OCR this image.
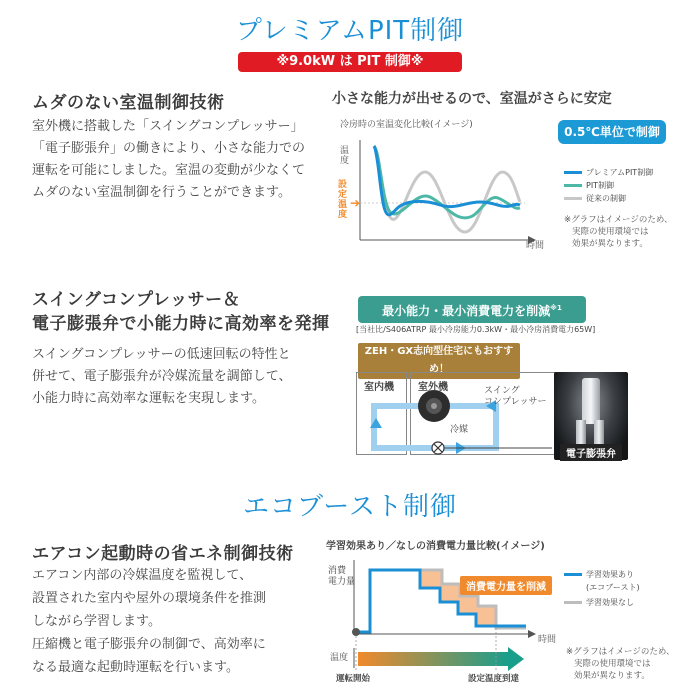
プレミアムPIT制御
※9.0kW は PIT 制御※
ムダのない室温制御技術
室外機に搭載した「スイングコンプレッサー」
「電子膨張弁」の働きにより、小さな能力での
運転を可能にしました。室温の変動が少なくて
ムダのない室温制御を行うことができます。
小さな能力が出せるので、室温がさらに安定
冷房時の室温変化比較(イメージ)	0.5℃単位で制御
温度
設定温度
➔
時間
プレミアムPIT制御
PIT制御
従来の制御
※グラフはイメージのため、
実際の使用環境では
効果が異なります。
スイングコンプレッサー＆
電子膨張弁で小能力時に高効率を発揮
スイングコンプレッサーの低速回転の特性と
併せて、電子膨張弁が冷媒流量を調節して、
小能力時に高効率な運転を実現します。
最小能力・最小消費電力を削減$^{※1}$
[当社比/S406ATRP 最小冷房能力0.3kW・最小冷房消費電力65W]
ZEH・GX志向型住宅にもおすすめ！
室内機 室外機	スイング
コンプレッサー
冷媒
電子膨張弁
エコブースト制御
エアコン起動時の省エネ制御技術
エアコン内部の冷媒温度を監視して、
設置された室内や屋外の環境条件を推測
しながら学習します。
圧縮機と電子膨張弁の制御で、高効率に
なる最適な起動時運転を行います。
学習効果あり／なしの消費電力量比較(イメージ)
消費
電力量
時間
温度
消費電力量を削減
運転開始	設定温度到達
学習効果あり
(エコブースト)
学習効果なし
※グラフはイメージのため、
実際の使用環境では
効果が異なります。
